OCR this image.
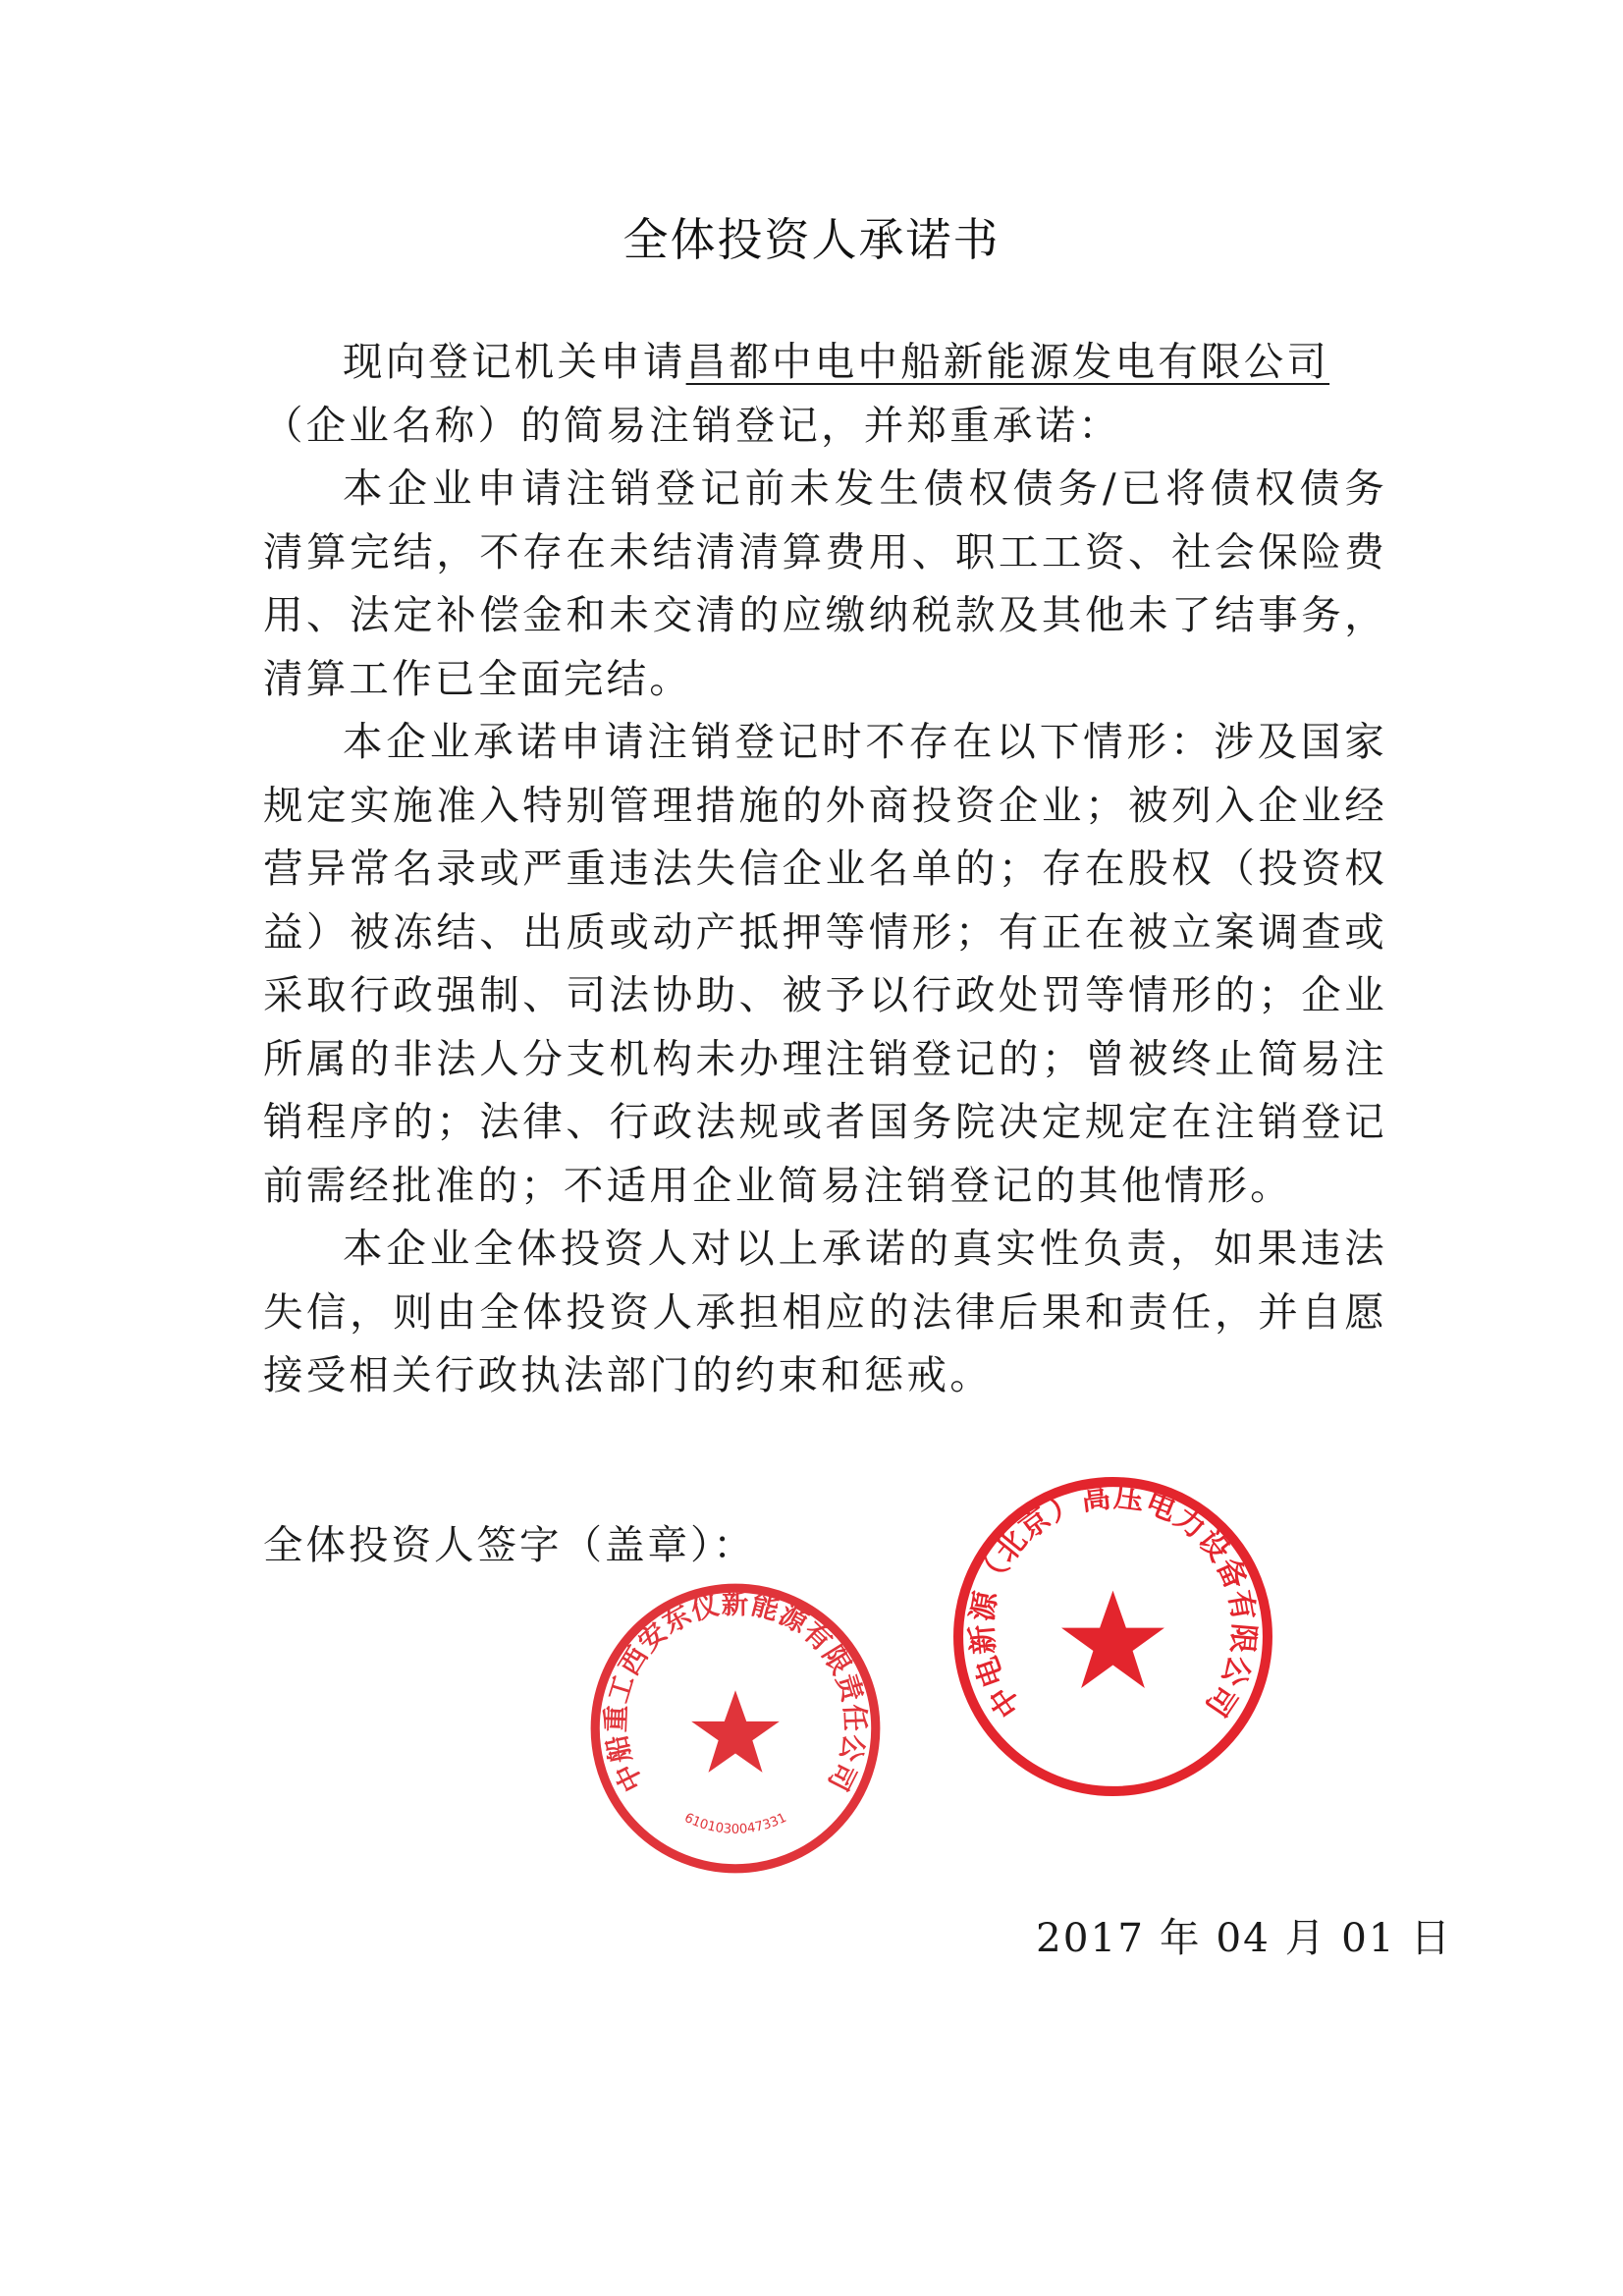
全体投资人承诺书

现向登记机关申请昌都中电中船新能源发电有限公司
（企业名称）的简易注销登记，并郑重承诺：

本企业申请注销登记前未发生债权债务/已将债权债务清算完结，不存在未结清清算费用、职工工资、社会保险费用、法定补偿金和未交清的应缴纳税款及其他未了结事务，清算工作已全面完结。

本企业承诺申请注销登记时不存在以下情形：涉及国家规定实施准入特别管理措施的外商投资企业；被列入企业经营异常名录或严重违法失信企业名单的；存在股权（投资权益）被冻结、出质或动产抵押等情形；有正在被立案调查或采取行政强制、司法协助、被予以行政处罚等情形的；企业所属的非法人分支机构未办理注销登记的；曾被终止简易注销程序的；法律、行政法规或者国务院决定规定在注销登记前需经批准的；不适用企业简易注销登记的其他情形。

本企业全体投资人对以上承诺的真实性负责，如果违法失信，则由全体投资人承担相应的法律后果和责任，并自愿接受相关行政执法部门的约束和惩戒。

全体投资人签字（盖章）：
中船重工西安东仪新能源有限责任公司
6101030047331
中电新源（北京）高压电力设备有限公司
2017 年 04 月 01 日
